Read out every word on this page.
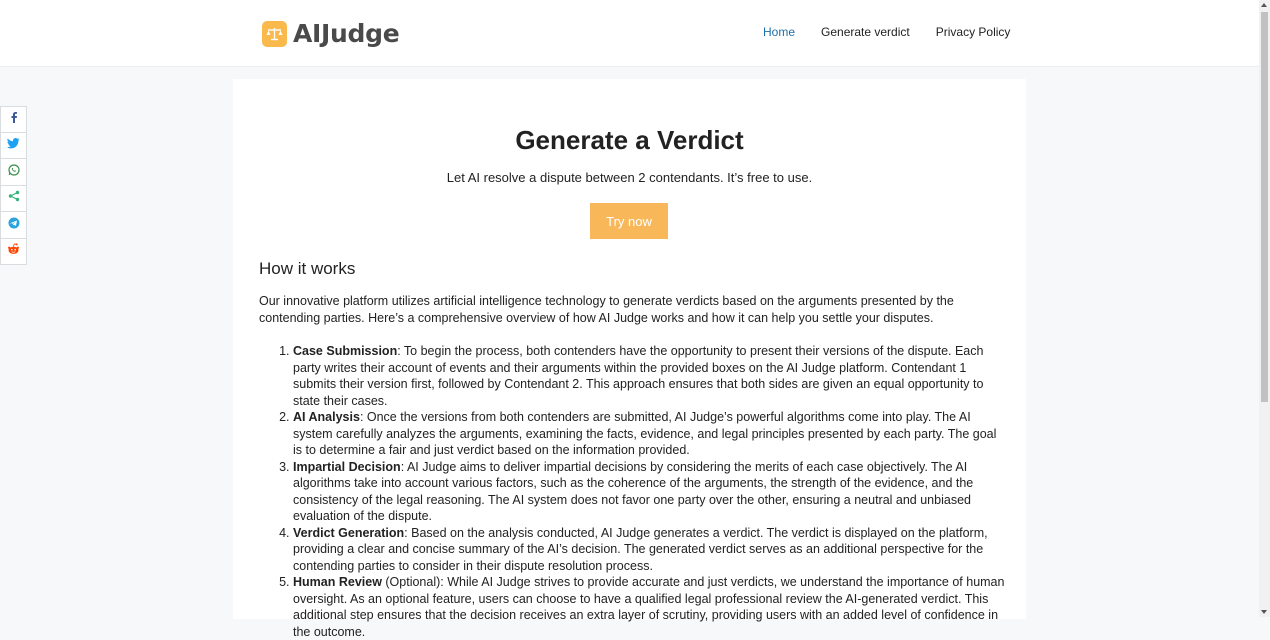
AIJudge	Home Generate verdict Privacy Policy
Generate a Verdict

Let AI resolve a dispute between 2 contendants. It’s free to use.

Try now
How it works

Our innovative platform utilizes artificial intelligence technology to generate verdicts based on the arguments presented by the contending parties. Here’s a comprehensive overview of how AI Judge works and how it can help you settle your disputes.

1. Case Submission: To begin the process, both contenders have the opportunity to present their versions of the dispute. Each party writes their account of events and their arguments within the provided boxes on the AI Judge platform. Contendant 1 submits their version first, followed by Contendant 2. This approach ensures that both sides are given an equal opportunity to state their cases.
2. AI Analysis: Once the versions from both contenders are submitted, AI Judge’s powerful algorithms come into play. The AI system carefully analyzes the arguments, examining the facts, evidence, and legal principles presented by each party. The goal is to determine a fair and just verdict based on the information provided.
3. Impartial Decision: AI Judge aims to deliver impartial decisions by considering the merits of each case objectively. The AI algorithms take into account various factors, such as the coherence of the arguments, the strength of the evidence, and the consistency of the legal reasoning. The AI system does not favor one party over the other, ensuring a neutral and unbiased evaluation of the dispute.
4. Verdict Generation: Based on the analysis conducted, AI Judge generates a verdict. The verdict is displayed on the platform, providing a clear and concise summary of the AI’s decision. The generated verdict serves as an additional perspective for the contending parties to consider in their dispute resolution process.
5. Human Review (Optional): While AI Judge strives to provide accurate and just verdicts, we understand the importance of human oversight. As an optional feature, users can choose to have a qualified legal professional review the AI-generated verdict. This additional step ensures that the decision receives an extra layer of scrutiny, providing users with an added level of confidence in the outcome.
